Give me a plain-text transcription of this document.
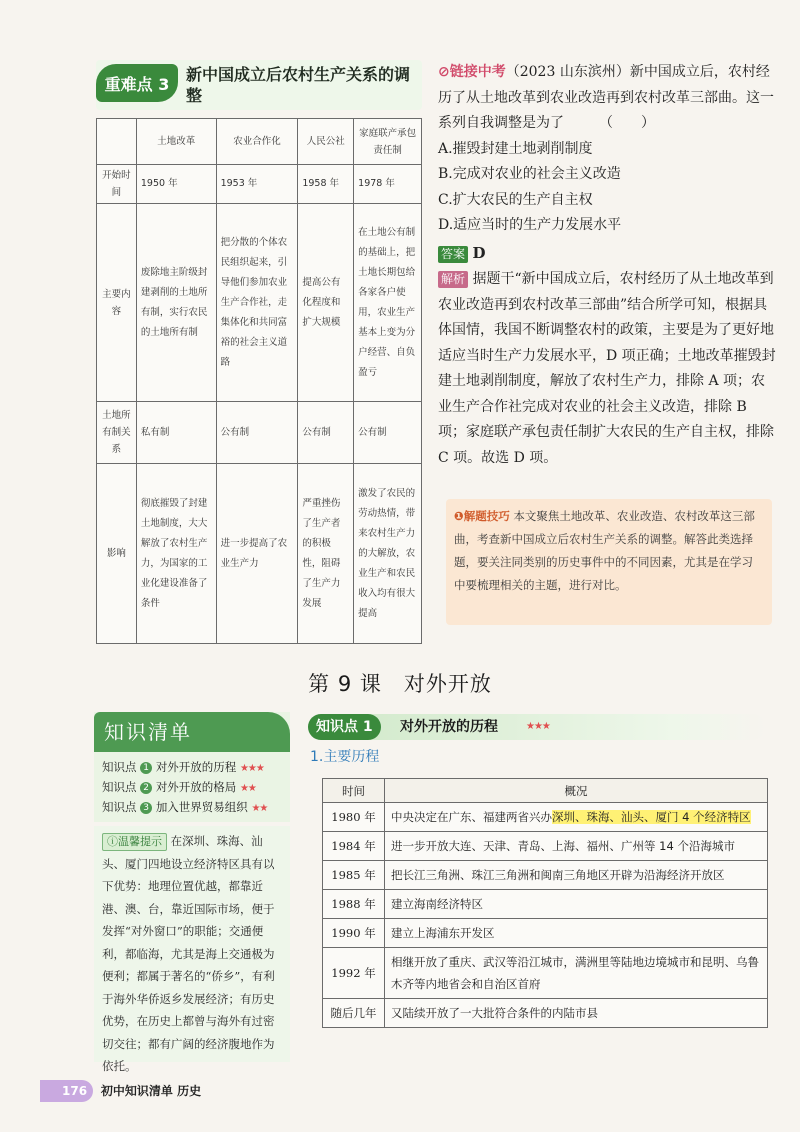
重难点 3	新中国成立后农村生产关系的调整
	土地改革	农业合作化	人民公社	家庭联产承包责任制
开始时间	1950 年	1953 年	1958 年	1978 年
主要内容	废除地主阶级封建剥削的土地所有制，实行农民的土地所有制	把分散的个体农民组织起来，引导他们参加农业生产合作社，走集体化和共同富裕的社会主义道路	提高公有化程度和扩大规模	在土地公有制的基础上，把土地长期包给各家各户使用，农业生产基本上变为分户经营、自负盈亏
土地所有制关系	私有制	公有制	公有制	公有制
影响	彻底摧毁了封建土地制度，大大解放了农村生产力，为国家的工业化建设准备了条件	进一步提高了农业生产力	严重挫伤了生产者的积极性，阻碍了生产力发展	激发了农民的劳动热情，带来农村生产力的大解放，农业生产和农民收入均有很大提高
⊘链接中考（2023 山东滨州）新中国成立后，农村经历了从土地改革到农业改造再到农村改革三部曲。这一系列自我调整是为了　　　（　　）
A.摧毁封建土地剥削制度
B.完成对农业的社会主义改造
C.扩大农民的生产自主权
D.适应当时的生产力发展水平
答案 D
解析 据题干“新中国成立后，农村经历了从土地改革到农业改造再到农村改革三部曲”结合所学可知，根据具体国情，我国不断调整农村的政策，主要是为了更好地适应当时生产力发展水平，D 项正确；土地改革摧毁封建土地剥削制度，解放了农村生产力，排除 A 项；农业生产合作社完成对农业的社会主义改造，排除 B 项；家庭联产承包责任制扩大农民的生产自主权，排除 C 项。故选 D 项。
❶解题技巧 本文聚焦土地改革、农业改造、农村改革这三部曲，考查新中国成立后农村生产关系的调整。解答此类选择题，要关注同类别的历史事件中的不同因素，尤其是在学习中要梳理相关的主题，进行对比。
第 9 课　对外开放
知识清单
知识点 1 对外开放的历程 ★★★
知识点 2 对外开放的格局 ★★
知识点 3 加入世界贸易组织 ★★
ⓘ温馨提示 在深圳、珠海、汕头、厦门四地设立经济特区具有以下优势：地理位置优越，都靠近港、澳、台，靠近国际市场，便于发挥“对外窗口”的职能；交通便利，都临海，尤其是海上交通极为便利；都属于著名的“侨乡”，有利于海外华侨返乡发展经济；有历史优势，在历史上都曾与海外有过密切交往；都有广阔的经济腹地作为依托。
知识点 1	对外开放的历程	★★★
1.主要历程
时间	概况
1980 年	中央决定在广东、福建两省兴办深圳、珠海、汕头、厦门 4 个经济特区
1984 年	进一步开放大连、天津、青岛、上海、福州、广州等 14 个沿海城市
1985 年	把长江三角洲、珠江三角洲和闽南三角地区开辟为沿海经济开放区
1988 年	建立海南经济特区
1990 年	建立上海浦东开发区
1992 年	相继开放了重庆、武汉等沿江城市，满洲里等陆地边境城市和昆明、乌鲁木齐等内地省会和自治区首府
随后几年	又陆续开放了一大批符合条件的内陆市县
176 初中知识清单 历史
